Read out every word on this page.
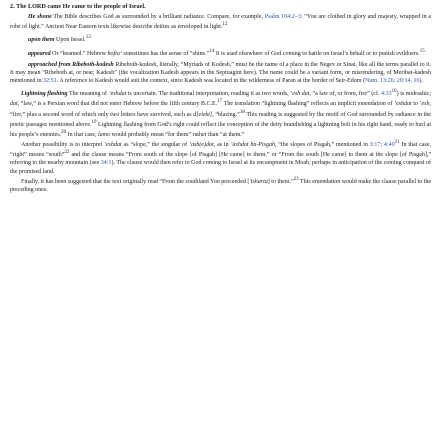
2. The LORD came He came to the people of Israel.

He shone The Bible describes God as surrounded by a brilliant radiance. Compare, for example, Psalm 104:2–3: “You are clothed in glory and majesty, wrapped in a robe of light.” Ancient Near Eastern texts likewise describe deities as enveloped in light.$^{12}$

upon them Upon Israel.$^{13}$

appeared Or “beamed.” Hebrew hofia‘ sometimes has the sense of “shine.”$^{14}$ It is used elsewhere of God coming to battle on Israel’s behalf or to punish evildoers.$^{15}$

approached from Ribeboth-kodesh Ribeboth-kodesh, literally, “Myriads of Kodesh,” must be the name of a place in the Negev or Sinai, like all the terms parallel to it. It may mean “Ribeboth at, or near, Kadesh” (the vocalization Kadesh appears in the Septuagint here). The name could be a variant form, or misrendering, of Meribat-kadesh mentioned in 32:51. A reference to Kadesh would suit the context, since Kadesh was located in the wilderness of Paran at the border of Seir-Edom (Num. 13:26; 20:14, 16).

Lightning flashing The meaning of ’eshdat is uncertain. The traditional interpretation, reading it as two words, ’esh dat, “a law of, or from, fire” (cf. $4:33^{16}$) is midrashic; dat, “law,” is a Persian word that did not enter Hebrew before the fifth century B.C.E.$^{17}$ The translation “lightning flashing” reflects an implicit emendation of ’eshdat to ’esh, “fire,” plus a second word of which only two letters have survived, such as d[elekt], “blazing.”$^{18}$ This reading is suggested by the motif of God surrounded by radiance in the poetic passages mentioned above.$^{19}$ Lightning flashing from God’s right could reflect the conception of the deity brandishing a lightning bolt in his right hand, ready to hurl at his people’s enemies.$^{20}$ In that case, lamo would probably mean “for them” rather than “at them.”

Another possibility is to interpret ’eshdat as “slope,” the singular of ’ash(e)dot, as in ’ashdot ha-Pisgah, “the slopes of Pisgah,” mentioned in 3:17; $4:49^{21}$ In that case, “right” means “south”$^{22}$ and the clause means “From south of the slope [of Pisgah] [He came] to them,” or “From the south [He came] to them at the slope [of Pisgah],” referring to the nearby mountain (see 34:1). The clause would then refer to God coming to Israel at its encampment in Moab, perhaps in anticipation of the coming conquest of the promised land.

Finally, it has been suggested that the text originally read “From the southland You proceeded [’tsharta] to them.”$^{23}$ This emendation would make the clause parallel to the preceding ones.
